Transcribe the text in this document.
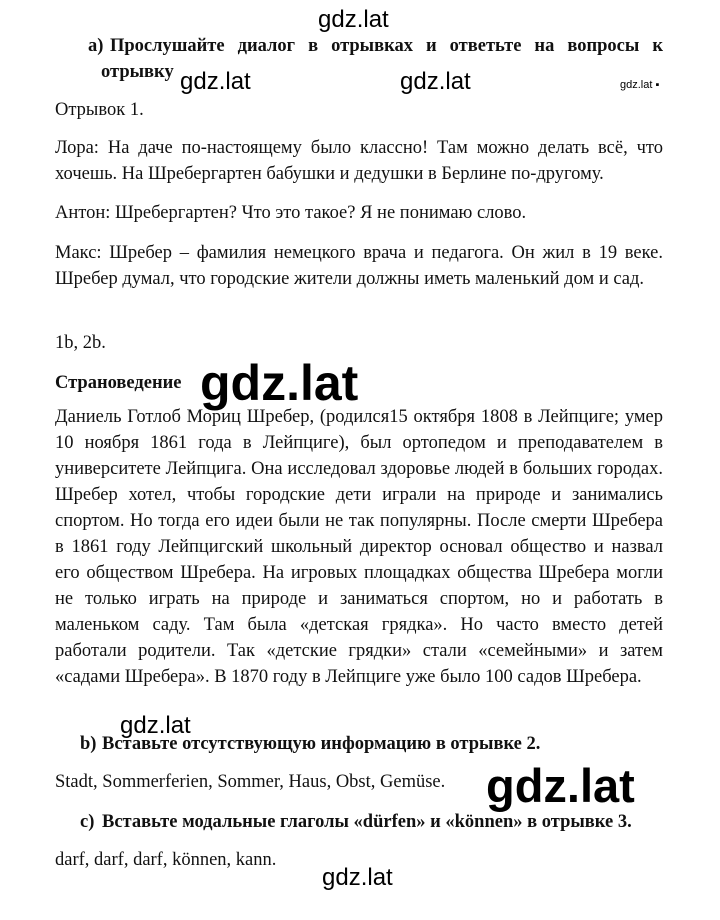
gdz.lat
a) Прослушайте диалог в отрывках и ответьте на вопросы к
отрывку gdz.lat	gdz.lat	gdz.lat ▪
Отрывок 1.
Лора: На даче по-настоящему было классно! Там можно делать всё, что хочешь. На Шребергартен бабушки и дедушки в Берлине по-другому.
Антон: Шребергартен? Что это такое? Я не понимаю слово.
Макс: Шребер – фамилия немецкого врача и педагога. Он жил в 19 веке. Шребер думал, что городские жители должны иметь маленький дом и сад.
1b, 2b.
Страноведение gdz.lat
Даниель Готлоб Мориц Шребер, (родился15 октября 1808 в Лейпциге; умер 10 ноября 1861 года в Лейпциге), был ортопедом и преподавателем в университете Лейпцига. Она исследовал здоровье людей в больших городах. Шребер хотел, чтобы городские дети играли на природе и занимались спортом. Но тогда его идеи были не так популярны. После смерти Шребера в 1861 году Лейпцигский школьный директор основал общество и назвал его обществом Шребера. На игровых площадках общества Шребера могли не только играть на природе и заниматься спортом, но и работать в маленьком саду. Там была «детская грядка». Но часто вместо детей работали родители. Так «детские грядки» стали «семейными» и затем «садами Шребера». В 1870 году в Лейпциге уже было 100 садов Шребера.
gdz.lat
b) Вставьте отсутствующую информацию в отрывке 2.
Stadt, Sommerferien, Sommer, Haus, Obst, Gemüse. gdz.lat
c) Вставьте модальные глаголы «dürfen» и «können» в отрывке 3.
darf, darf, darf, können, kann.
gdz.lat
